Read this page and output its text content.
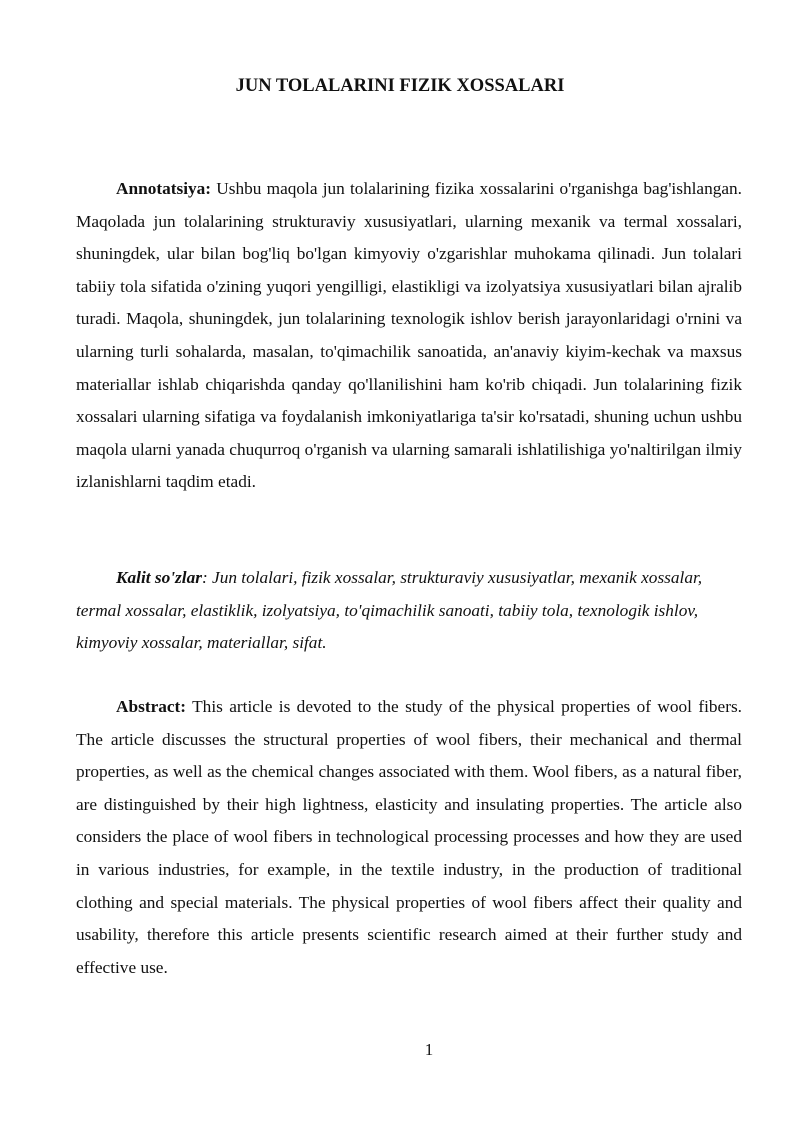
JUN TOLALARINI FIZIK XOSSALARI

Annotatsiya: Ushbu maqola jun tolalarining fizika xossalarini o'rganishga bag'ishlangan. Maqolada jun tolalarining strukturaviy xususiyatlari, ularning mexanik va termal xossalari, shuningdek, ular bilan bog'liq bo'lgan kimyoviy o'zgarishlar muhokama qilinadi. Jun tolalari tabiiy tola sifatida o'zining yuqori yengilligi, elastikligi va izolyatsiya xususiyatlari bilan ajralib turadi. Maqola, shuningdek, jun tolalarining texnologik ishlov berish jarayonlaridagi o'rnini va ularning turli sohalarda, masalan, to'qimachilik sanoatida, an'anaviy kiyim-kechak va maxsus materiallar ishlab chiqarishda qanday qo'llanilishini ham ko'rib chiqadi. Jun tolalarining fizik xossalari ularning sifatiga va foydalanish imkoniyatlariga ta'sir ko'rsatadi, shuning uchun ushbu maqola ularni yanada chuqurroq o'rganish va ularning samarali ishlatilishiga yo'naltirilgan ilmiy izlanishlarni taqdim etadi.

Kalit so'zlar: Jun tolalari, fizik xossalar, strukturaviy xususiyatlar, mexanik xossalar, termal xossalar, elastiklik, izolyatsiya, to'qimachilik sanoati, tabiiy tola, texnologik ishlov, kimyoviy xossalar, materiallar, sifat.

Abstract: This article is devoted to the study of the physical properties of wool fibers. The article discusses the structural properties of wool fibers, their mechanical and thermal properties, as well as the chemical changes associated with them. Wool fibers, as a natural fiber, are distinguished by their high lightness, elasticity and insulating properties. The article also considers the place of wool fibers in technological processing processes and how they are used in various industries, for example, in the textile industry, in the production of traditional clothing and special materials. The physical properties of wool fibers affect their quality and usability, therefore this article presents scientific research aimed at their further study and effective use.

1
